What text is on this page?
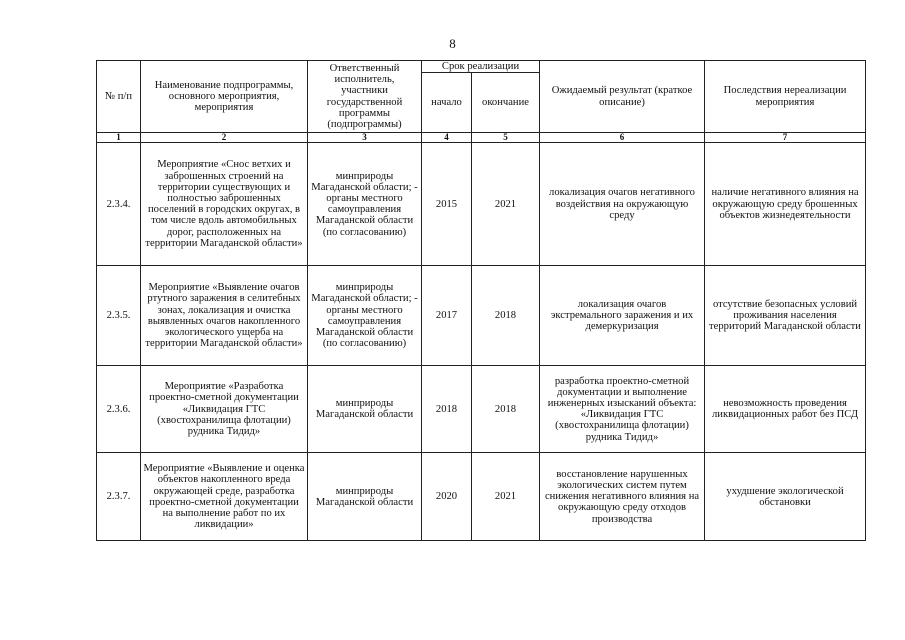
8
№ п/п	Наименование подпрограммы, основного мероприятия, мероприятия	Ответственный исполнитель, участники государственной программы (подпрограммы)	Срок реализации		Ожидаемый результат (краткое описание)	Последствия нереализации мероприятия
			начало	окончание		
1	2	3	4	5	6	7
2.3.4.	Мероприятие «Снос ветхих и заброшенных строений на территории существующих и полностью заброшенных поселений в городских округах, в том числе вдоль автомобильных дорог, расположенных на территории Магаданской области»	минприроды Магаданской области; - органы местного самоуправления Магаданской области (по согласованию)	2015	2021	локализация очагов негативного воздействия на окружающую среду	наличие негативного влияния на окружающую среду брошенных объектов жизнедеятельности
2.3.5.	Мероприятие «Выявление очагов ртутного заражения в селитебных зонах, локализация и очистка выявленных очагов накопленного экологического ущерба на территории Магаданской области»	минприроды Магаданской области; - органы местного самоуправления Магаданской области (по согласованию)	2017	2018	локализация очагов экстремального заражения и их демеркуризация	отсутствие безопасных условий проживания населения территорий Магаданской области
2.3.6.	Мероприятие «Разработка проектно-сметной документации «Ликвидация ГТС (хвостохранилища флотации) рудника Тидид»	минприроды Магаданской области	2018	2018	разработка проектно-сметной документации и выполнение инженерных изысканий объекта: «Ликвидация ГТС (хвостохранилища флотации) рудника Тидид»	невозможность проведения ликвидационных работ без ПСД
2.3.7.	Мероприятие «Выявление и оценка объектов накопленного вреда окружающей среде, разработка проектно-сметной документации на выполнение работ по их ликвидации»	минприроды Магаданской области	2020	2021	восстановление нарушенных экологических систем путем снижения негативного влияния на окружающую среду отходов производства	ухудшение экологической обстановки
